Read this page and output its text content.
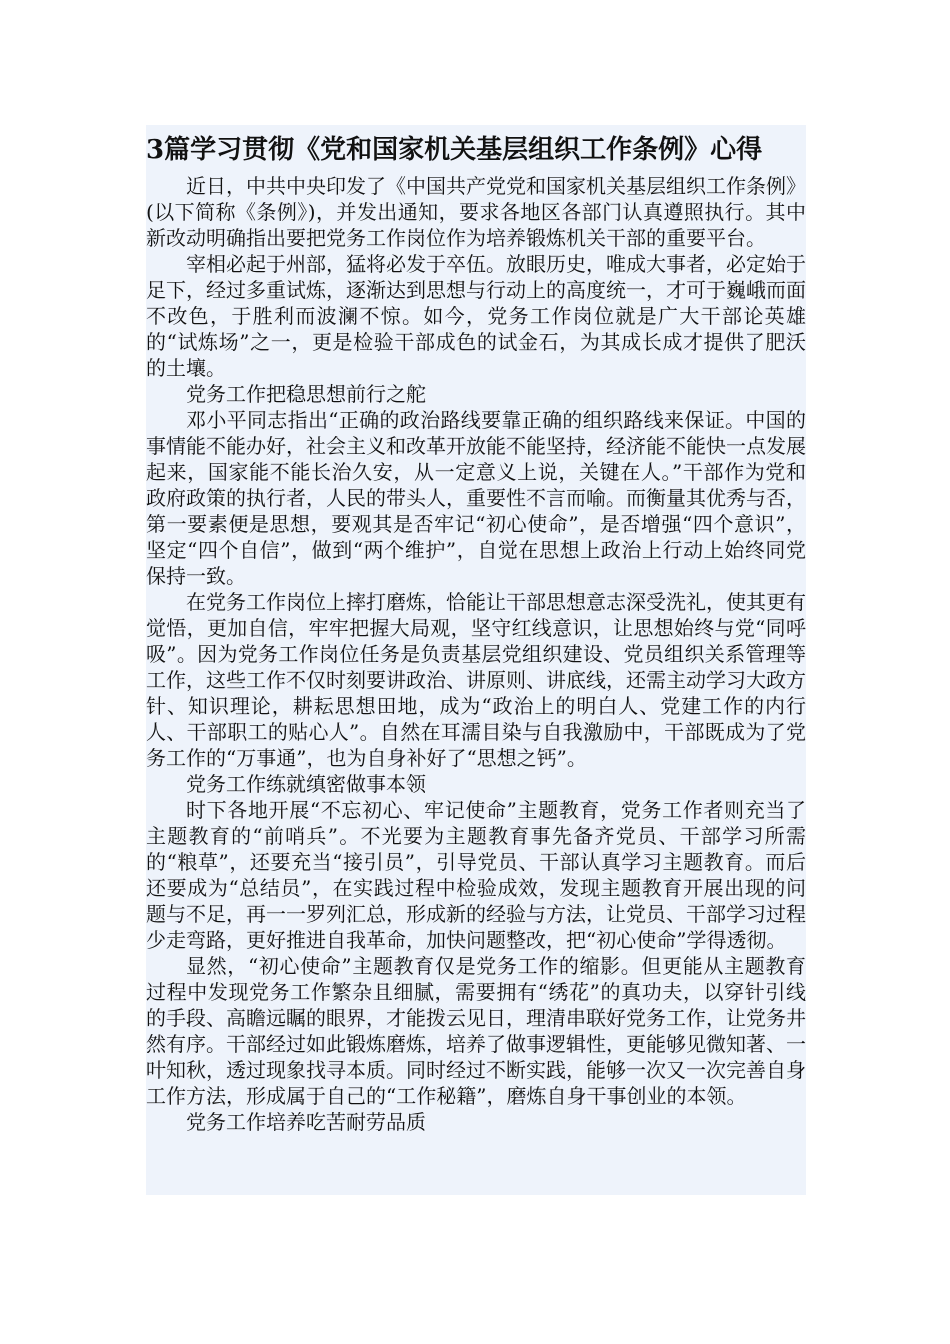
3篇学习贯彻《党和国家机关基层组织工作条例》心得

近日，中共中央印发了《中国共产党党和国家机关基层组织工作条例》(以下简称《条例》)，并发出通知，要求各地区各部门认真遵照执行。其中新改动明确指出要把党务工作岗位作为培养锻炼机关干部的重要平台。

宰相必起于州部，猛将必发于卒伍。放眼历史，唯成大事者，必定始于足下，经过多重试炼，逐渐达到思想与行动上的高度统一，才可于巍峨而面不改色，于胜利而波澜不惊。如今，党务工作岗位就是广大干部论英雄的“试炼场”之一，更是检验干部成色的试金石，为其成长成才提供了肥沃的土壤。

党务工作把稳思想前行之舵

邓小平同志指出“正确的政治路线要靠正确的组织路线来保证。中国的事情能不能办好，社会主义和改革开放能不能坚持，经济能不能快一点发展起来，国家能不能长治久安，从一定意义上说，关键在人。”干部作为党和政府政策的执行者，人民的带头人，重要性不言而喻。而衡量其优秀与否，第一要素便是思想，要观其是否牢记“初心使命”，是否增强“四个意识”，坚定“四个自信”，做到“两个维护”，自觉在思想上政治上行动上始终同党保持一致。

在党务工作岗位上摔打磨炼，恰能让干部思想意志深受洗礼，使其更有觉悟，更加自信，牢牢把握大局观，坚守红线意识，让思想始终与党“同呼吸”。因为党务工作岗位任务是负责基层党组织建设、党员组织关系管理等工作，这些工作不仅时刻要讲政治、讲原则、讲底线，还需主动学习大政方针、知识理论，耕耘思想田地，成为“政治上的明白人、党建工作的内行人、干部职工的贴心人”。自然在耳濡目染与自我激励中，干部既成为了党务工作的“万事通”，也为自身补好了“思想之钙”。

党务工作练就缜密做事本领

时下各地开展“不忘初心、牢记使命”主题教育，党务工作者则充当了主题教育的“前哨兵”。不光要为主题教育事先备齐党员、干部学习所需的“粮草”，还要充当“接引员”，引导党员、干部认真学习主题教育。而后还要成为“总结员”，在实践过程中检验成效，发现主题教育开展出现的问题与不足，再一一罗列汇总，形成新的经验与方法，让党员、干部学习过程少走弯路，更好推进自我革命，加快问题整改，把“初心使命”学得透彻。

显然，“初心使命”主题教育仅是党务工作的缩影。但更能从主题教育过程中发现党务工作繁杂且细腻，需要拥有“绣花”的真功夫，以穿针引线的手段、高瞻远瞩的眼界，才能拨云见日，理清串联好党务工作，让党务井然有序。干部经过如此锻炼磨炼，培养了做事逻辑性，更能够见微知著、一叶知秋，透过现象找寻本质。同时经过不断实践，能够一次又一次完善自身工作方法，形成属于自己的“工作秘籍”，磨炼自身干事创业的本领。

党务工作培养吃苦耐劳品质
